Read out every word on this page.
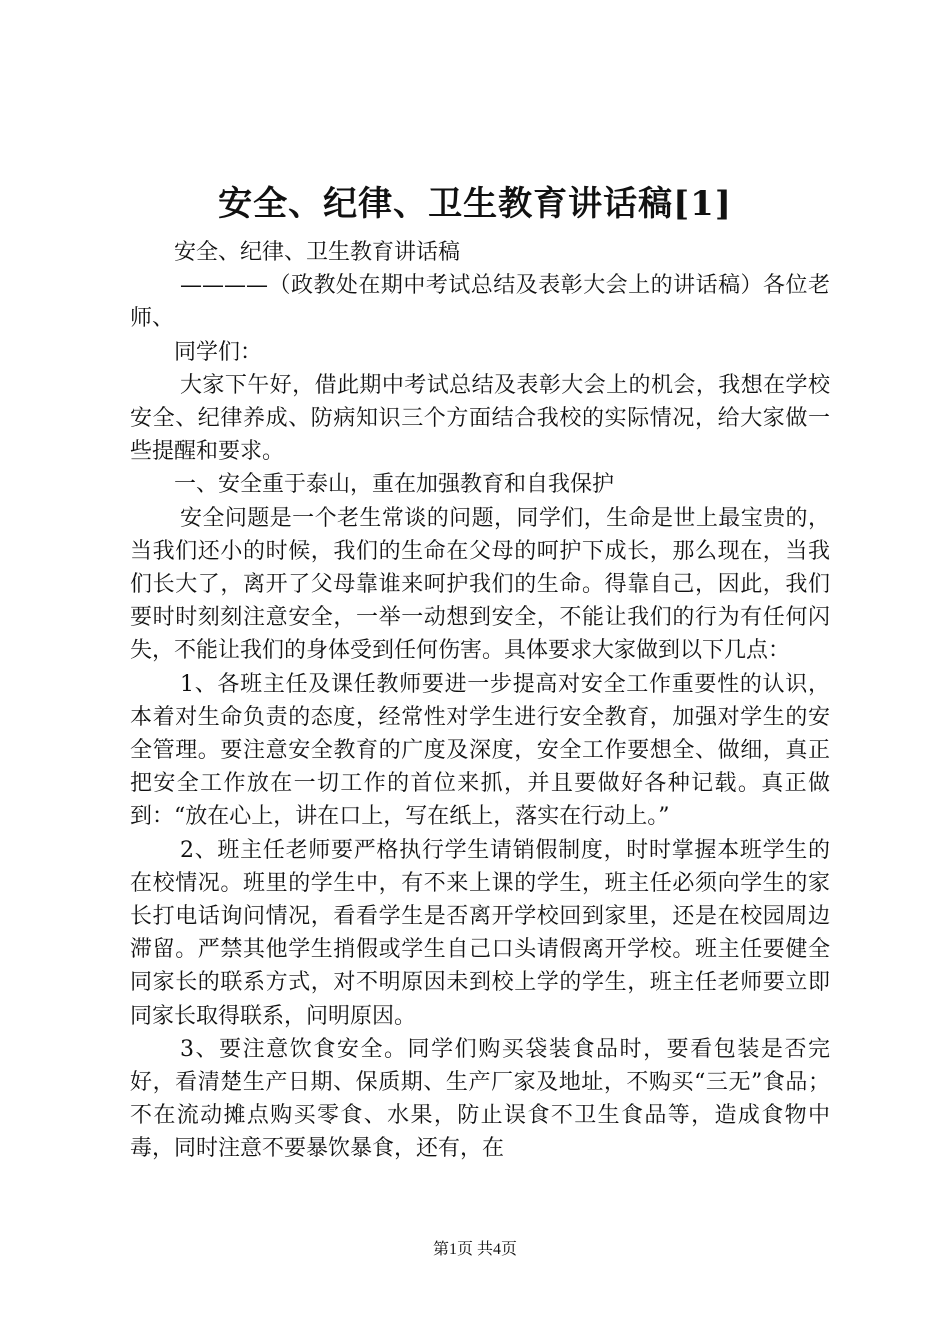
安全、纪律、卫生教育讲话稿[1]

安全、纪律、卫生教育讲话稿

————（政教处在期中考试总结及表彰大会上的讲话稿）各位老师、

同学们：

大家下午好，借此期中考试总结及表彰大会上的机会，我想在学校安全、纪律养成、防病知识三个方面结合我校的实际情况，给大家做一些提醒和要求。

一、安全重于泰山，重在加强教育和自我保护

安全问题是一个老生常谈的问题，同学们，生命是世上最宝贵的，当我们还小的时候，我们的生命在父母的呵护下成长，那么现在，当我们长大了，离开了父母靠谁来呵护我们的生命。得靠自己，因此，我们要时时刻刻注意安全，一举一动想到安全，不能让我们的行为有任何闪失，不能让我们的身体受到任何伤害。具体要求大家做到以下几点：

1、各班主任及课任教师要进一步提高对安全工作重要性的认识，本着对生命负责的态度，经常性对学生进行安全教育，加强对学生的安全管理。要注意安全教育的广度及深度，安全工作要想全、做细，真正把安全工作放在一切工作的首位来抓，并且要做好各种记载。真正做到：“放在心上，讲在口上，写在纸上，落实在行动上。”

2、班主任老师要严格执行学生请销假制度，时时掌握本班学生的在校情况。班里的学生中，有不来上课的学生，班主任必须向学生的家长打电话询问情况，看看学生是否离开学校回到家里，还是在校园周边滞留。严禁其他学生捎假或学生自己口头请假离开学校。班主任要健全同家长的联系方式，对不明原因未到校上学的学生，班主任老师要立即同家长取得联系，问明原因。

3、要注意饮食安全。同学们购买袋装食品时，要看包装是否完好，看清楚生产日期、保质期、生产厂家及地址，不购买“三无”食品；不在流动摊点购买零食、水果，防止误食不卫生食品等，造成食物中毒，同时注意不要暴饮暴食，还有，在

第1页 共4页
